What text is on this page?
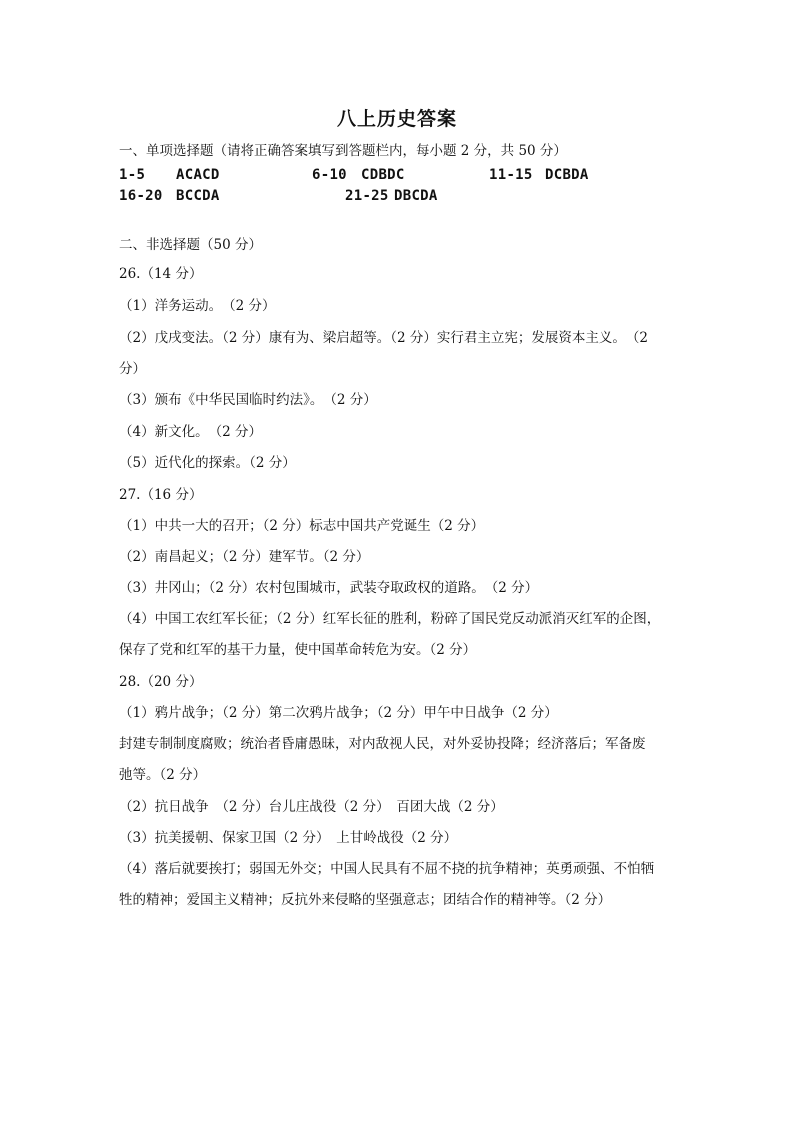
八上历史答案
一、单项选择题（请将正确答案填写到答题栏内，每小题 2 分，共 50 分）
1-5 ACACD	6-10 CDBDC	11-15 DCBDA
16-20 BCCDA	21-25 DBCDA
二、非选择题（50 分）
26.（14 分）
（1）洋务运动。　（2 分）
（2）戊戌变法。（2 分）康有为、梁启超等。（2 分）实行君主立宪；发展资本主义。　（2
分）
（3）颁布《中华民国临时约法》。　（2 分）
（4）新文化。　（2 分）
（5）近代化的探索。（2 分）
27.（16 分）
（1）中共一大的召开；（2 分）标志中国共产党诞生（2 分）
（2）南昌起义；（2 分）建军节。（2 分）
（3）井冈山；（2 分）农村包围城市，武装夺取政权的道路。　（2 分）
（4）中国工农红军长征；（2 分）红军长征的胜利，粉碎了国民党反动派消灭红军的企图，
保存了党和红军的基干力量，使中国革命转危为安。（2 分）
28.（20 分）
（1）鸦片战争；（2 分）第二次鸦片战争；（2 分）甲午中日战争（2 分）
封建专制制度腐败；统治者昏庸愚昧，对内敌视人民，对外妥协投降；经济落后；军备废
弛等。（2 分）
（2）抗日战争　（2 分）台儿庄战役（2 分）　百团大战（2 分）
（3）抗美援朝、保家卫国（2 分）　上甘岭战役（2 分）
（4）落后就要挨打；弱国无外交；中国人民具有不屈不挠的抗争精神；英勇顽强、不怕牺
牲的精神；爱国主义精神；反抗外来侵略的坚强意志；团结合作的精神等。（2 分）
